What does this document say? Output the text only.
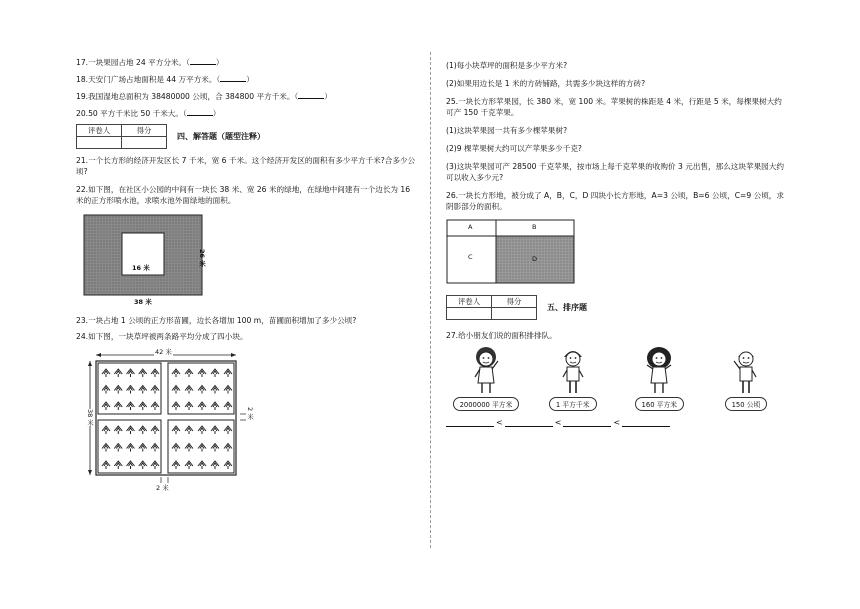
17.一块果园占地 24 平方分米。（	）

18.天安门广场占地面积是 44 万平方米。（	）

19.我国湿地总面积为 38480000 公顷，合 384800 平方千米。（	）

20.50 平方千米比 50 千米大。（	）

评卷人	得分

四、解答题（题型注释）

21.一个长方形的经济开发区长 7 千米，宽 6 千米。这个经济开发区的面积有多少平方千米?合多少公顷?

22.如下图，在社区小公园的中间有一块长 38 米、宽 26 米的绿地，在绿地中间建有一个边长为 16 米的正方形喷水池，求喷水池外面绿地的面积。

16 米
26 米
38 米

23.一块占地 1 公顷的正方形苗圃，边长各增加 100 m，苗圃面积增加了多少公顷?

24.如下图，一块草坪被两条路平均分成了四小块。

42 米
38 米	2 米
2 米

(1)每小块草坪的面积是多少平方米?

(2)如果用边长是 1 米的方砖铺路，共需多少块这样的方砖?

25.一块长方形苹果园，长 380 米，宽 100 米。苹果树的株距是 4 米，行距是 5 米，每棵果树大约可产 150 千克苹果。

(1)这块苹果园一共有多少棵苹果树?

(2)9 棵苹果树大约可以产苹果多少千克?

(3)这块苹果园可产 28500 千克苹果，按市场上每千克苹果的收购价 3 元出售，那么这块苹果园大约可以收入多少元?

26.一块长方形地，被分成了 A，B，C，D 四块小长方形地，A=3 公顷，B=6 公顷，C=9 公顷，求阴影部分的面积。

A	B
C	D
评卷人	得分

五、排序题

27.给小朋友们说的面积排排队。

2000000 平方米	1 平方千米	160 平方米	150 公顷
<	<	<
